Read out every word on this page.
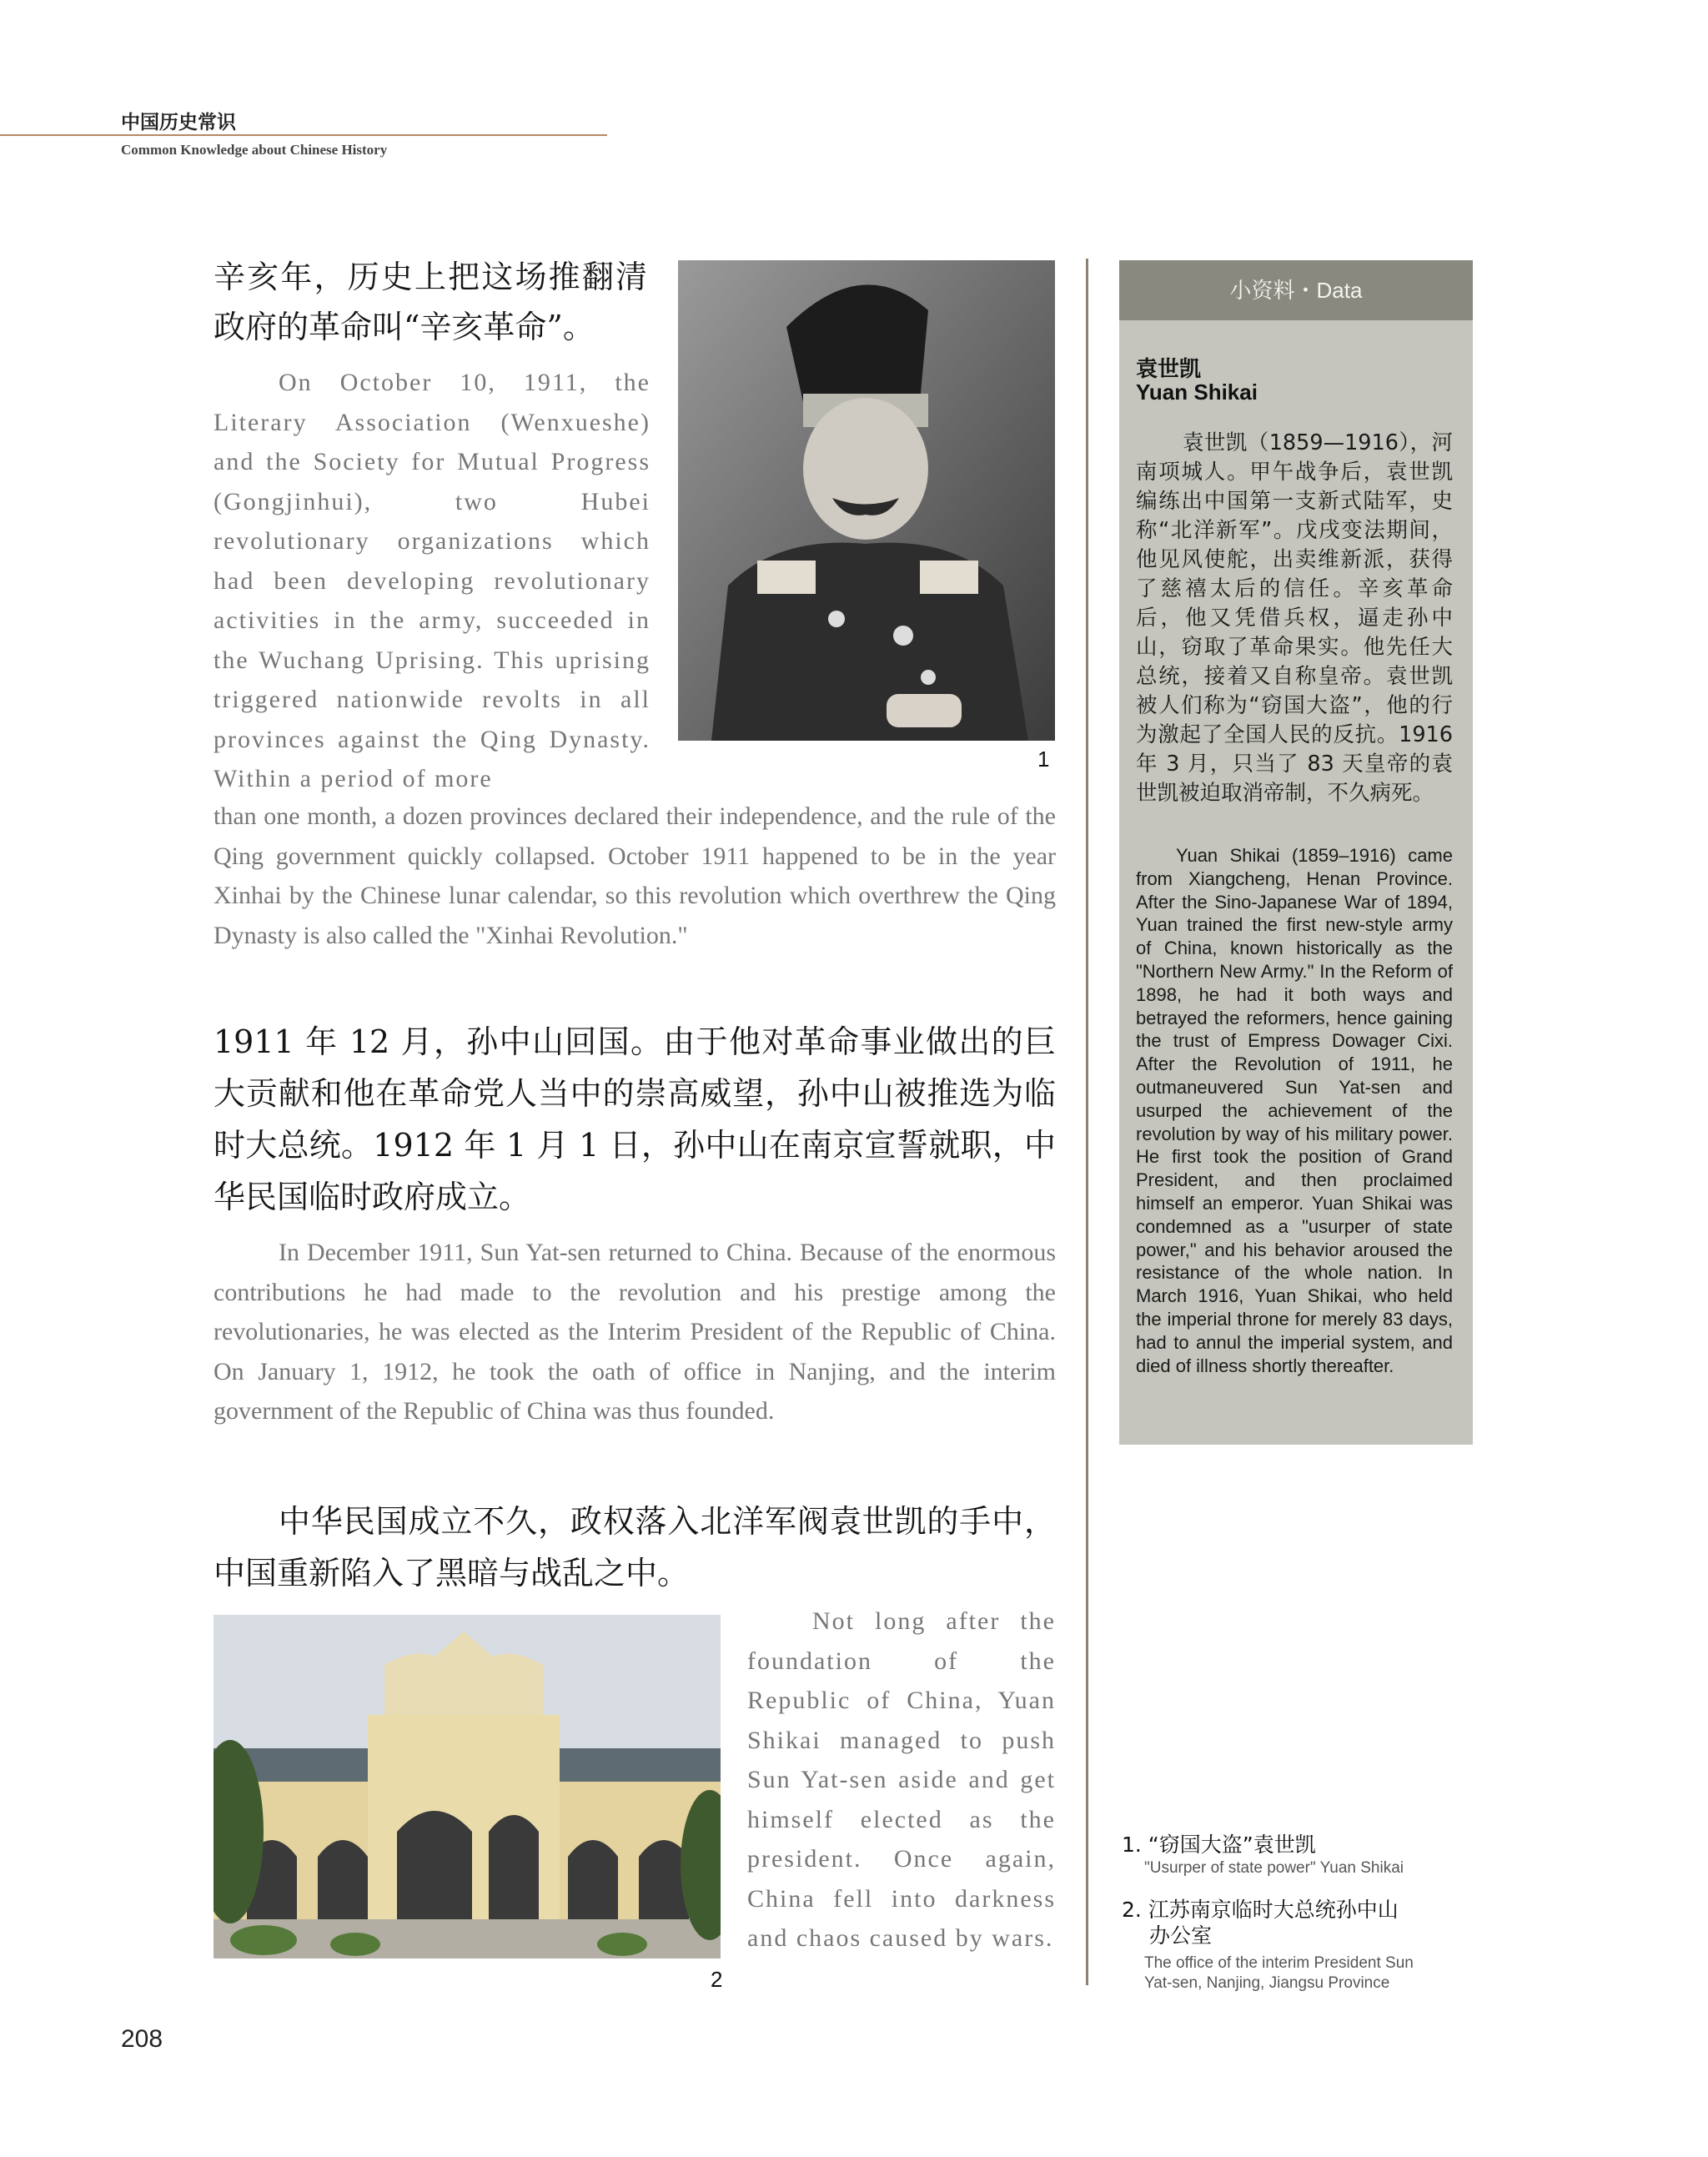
中国历史常识
Common Knowledge about Chinese History
辛亥年，历史上把这场推翻清政府的革命叫“辛亥革命”。
On October 10, 1911, the Literary Association (Wenxueshe) and the Society for Mutual Progress (Gongjinhui), two Hubei revolutionary organizations which had been developing revolutionary activities in the army, succeeded in the Wuchang Uprising. This uprising triggered nationwide revolts in all provinces against the Qing Dynasty. Within a period of more
than one month, a dozen provinces declared their independence, and the rule of the Qing government quickly collapsed. October 1911 happened to be in the year Xinhai by the Chinese lunar calendar, so this revolution which overthrew the Qing Dynasty is also called the "Xinhai Revolution."
1
1911 年 12 月，孙中山回国。由于他对革命事业做出的巨大贡献和他在革命党人当中的崇高威望，孙中山被推选为临时大总统。1912 年 1 月 1 日，孙中山在南京宣誓就职，中华民国临时政府成立。
In December 1911, Sun Yat-sen returned to China. Because of the enormous contributions he had made to the revolution and his prestige among the revolutionaries, he was elected as the Interim President of the Republic of China. On January 1, 1912, he took the oath of office in Nanjing, and the interim government of the Republic of China was thus founded.
中华民国成立不久，政权落入北洋军阀袁世凯的手中，中国重新陷入了黑暗与战乱之中。
Not long after the foundation of the Republic of China, Yuan Shikai managed to push Sun Yat-sen aside and get himself elected as the president. Once again, China fell into darkness and chaos caused by wars.
2
小资料・Data
袁世凯
Yuan Shikai
袁世凯（1859—1916），河南项城人。甲午战争后，袁世凯编练出中国第一支新式陆军，史称“北洋新军”。戊戌变法期间，他见风使舵，出卖维新派，获得了慈禧太后的信任。辛亥革命后，他又凭借兵权，逼走孙中山，窃取了革命果实。他先任大总统，接着又自称皇帝。袁世凯被人们称为“窃国大盗”，他的行为激起了全国人民的反抗。1916 年 3 月，只当了 83 天皇帝的袁世凯被迫取消帝制，不久病死。
Yuan Shikai (1859–1916) came from Xiangcheng, Henan Province. After the Sino-Japanese War of 1894, Yuan trained the first new-style army of China, known historically as the "Northern New Army." In the Reform of 1898, he had it both ways and betrayed the reformers, hence gaining the trust of Empress Dowager Cixi. After the Revolution of 1911, he outmaneuvered Sun Yat-sen and usurped the achievement of the revolution by way of his military power. He first took the position of Grand President, and then proclaimed himself an emperor. Yuan Shikai was condemned as a "usurper of state power," and his behavior aroused the resistance of the whole nation. In March 1916, Yuan Shikai, who held the imperial throne for merely 83 days, had to annul the imperial system, and died of illness shortly thereafter.
1. “窃国大盗”袁世凯
"Usurper of state power" Yuan Shikai
2. 江苏南京临时大总统孙中山
办公室
The office of the interim President Sun
Yat-sen, Nanjing, Jiangsu Province
208
